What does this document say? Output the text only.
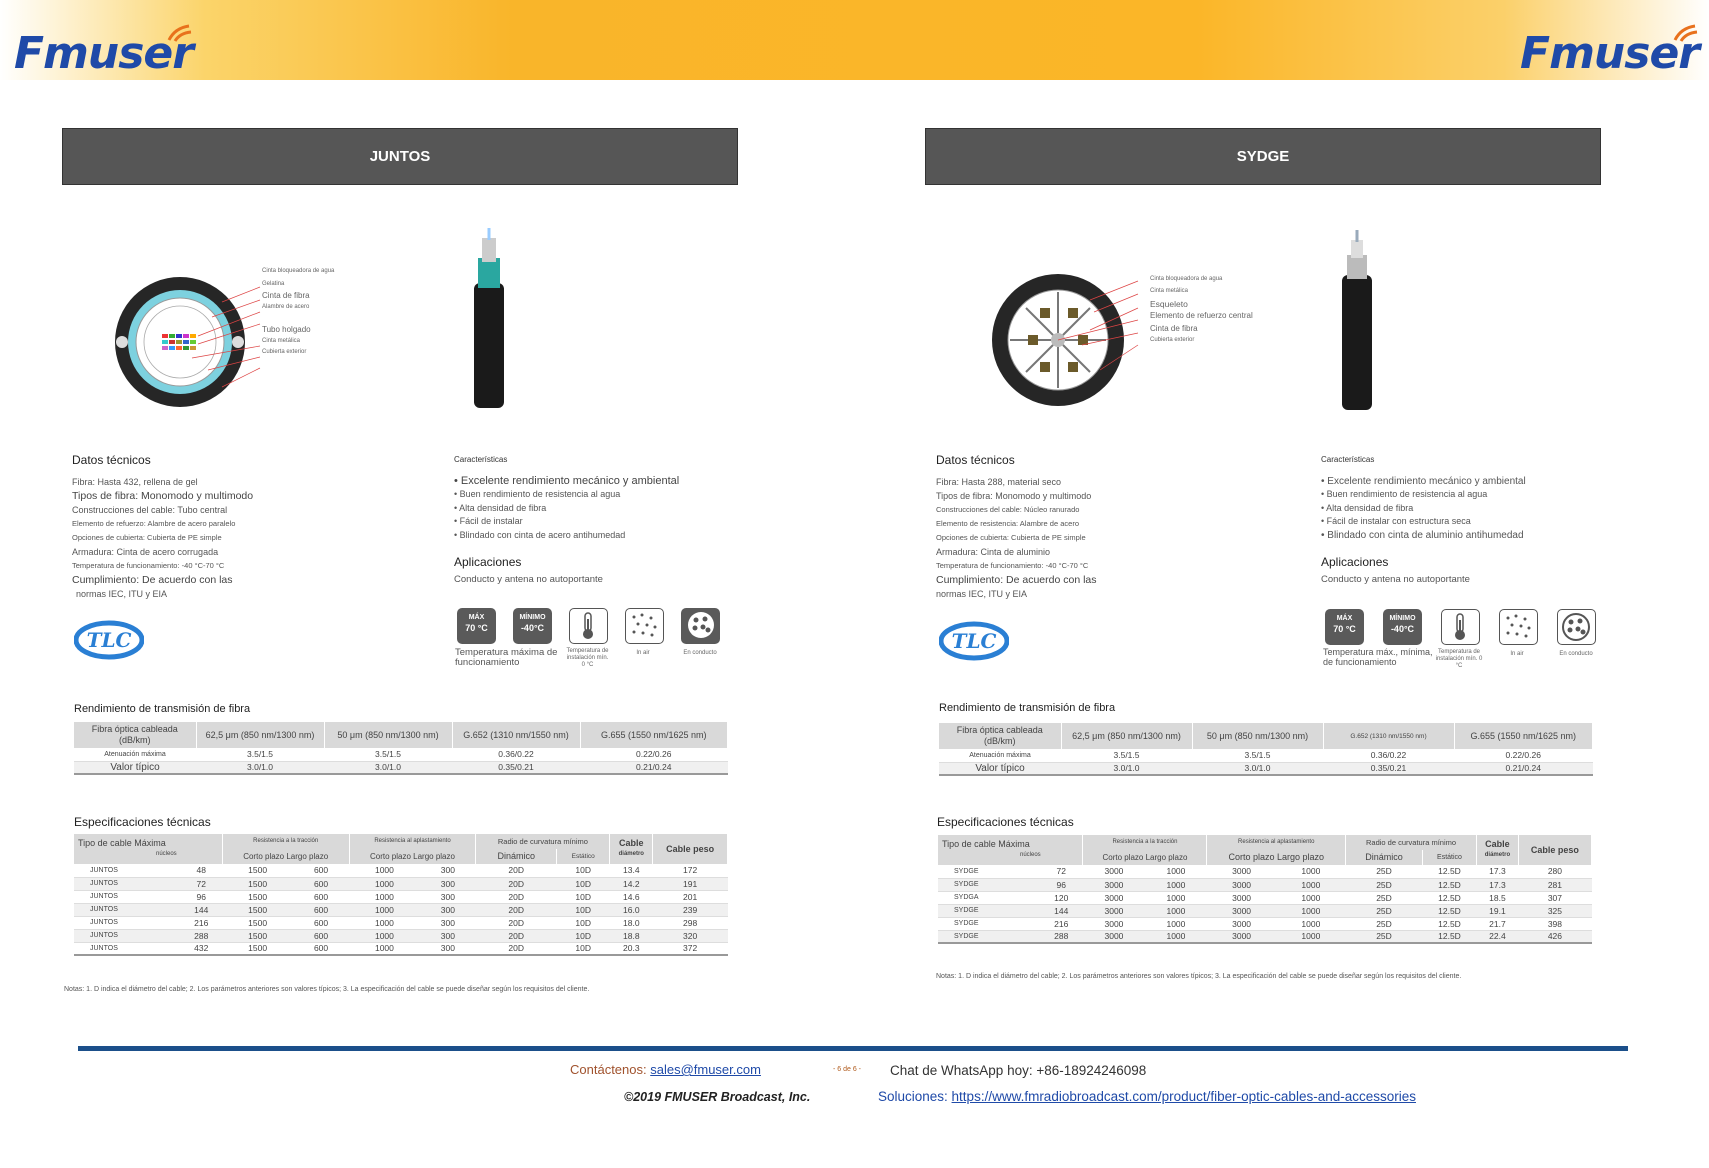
Fmuser	Fmuser
JUNTOS
Cinta bloqueadora de agua
Gelatina
Cinta de fibra
Alambre de acero
Tubo holgado
Cinta metálica
Cubierta exterior
Datos técnicos
Fibra: Hasta 432, rellena de gel
Tipos de fibra: Monomodo y multimodo
Construcciones del cable: Tubo central
Elemento de refuerzo: Alambre de acero paralelo
Opciones de cubierta: Cubierta de PE simple
Armadura: Cinta de acero corrugada
Temperatura de funcionamiento: -40 °C-70 °C
Cumplimiento: De acuerdo con las
normas IEC, ITU y EIA
Características
• Excelente rendimiento mecánico y ambiental
• Buen rendimiento de resistencia al agua
• Alta densidad de fibra
• Fácil de instalar
• Blindado con cinta de acero antihumedad
Aplicaciones
Conducto y antena no autoportante
MÁX
70 °C
MÍNIMO
-40°C
Temperatura máxima de funcionamiento
Temperatura de instalación mín. 0 °C
In air	En conducto
TLC
Rendimiento de transmisión de fibra
Fibra óptica cableada (dB/km)	62,5 μm (850 nm/1300 nm)	50 μm (850 nm/1300 nm)	G.652 (1310 nm/1550 nm)	G.655 (1550 nm/1625 nm)
Atenuación máxima	3.5/1.5	3.5/1.5	0.36/0.22	0.22/0.26
Valor típico	3.0/1.0	3.0/1.0	0.35/0.21	0.21/0.24
Especificaciones técnicas
Tipo de cable Máxima
núcleos		Resistencia a la tracción		Resistencia al aplastamiento		Radio de curvatura mínimo		Cable
diámetro	Cable peso
		Corto plazo Largo plazo		Corto plazo Largo plazo		Dinámico	Estático		
JUNTOS	48	1500	600	1000	300	20D	10D	13.4	172
JUNTOS	72	1500	600	1000	300	20D	10D	14.2	191
JUNTOS	96	1500	600	1000	300	20D	10D	14.6	201
JUNTOS	144	1500	600	1000	300	20D	10D	16.0	239
JUNTOS	216	1500	600	1000	300	20D	10D	18.0	298
JUNTOS	288	1500	600	1000	300	20D	10D	18.8	320
JUNTOS	432	1500	600	1000	300	20D	10D	20.3	372
Notas: 1. D indica el diámetro del cable; 2. Los parámetros anteriores son valores típicos; 3. La especificación del cable se puede diseñar según los requisitos del cliente.
SYDGE
Cinta bloqueadora de agua
Cinta metálica
Esqueleto
Elemento de refuerzo central
Cinta de fibra
Cubierta exterior
Datos técnicos
Fibra: Hasta 288, material seco
Tipos de fibra: Monomodo y multimodo
Construcciones del cable: Núcleo ranurado
Elemento de resistencia: Alambre de acero
Opciones de cubierta: Cubierta de PE simple
Armadura: Cinta de aluminio
Temperatura de funcionamiento: -40 °C-70 °C
Cumplimiento: De acuerdo con las
normas IEC, ITU y EIA
Características
• Excelente rendimiento mecánico y ambiental
• Buen rendimiento de resistencia al agua
• Alta densidad de fibra
• Fácil de instalar con estructura seca
• Blindado con cinta de aluminio antihumedad
Aplicaciones
Conducto y antena no autoportante
MÁX
70 °C
MÍNIMO
-40°C
Temperatura máx., mínima, de funcionamiento
Temperatura de instalación mín. 0 °C
In air	En conducto
TLC
Rendimiento de transmisión de fibra
Fibra óptica cableada (dB/km)	62,5 μm (850 nm/1300 nm)	50 μm (850 nm/1300 nm)	G.652 (1310 nm/1550 nm)	G.655 (1550 nm/1625 nm)
Atenuación máxima	3.5/1.5	3.5/1.5	0.36/0.22	0.22/0.26
Valor típico	3.0/1.0	3.0/1.0	0.35/0.21	0.21/0.24
Especificaciones técnicas
Tipo de cable Máxima
núcleos		Resistencia a la tracción		Resistencia al aplastamiento		Radio de curvatura mínimo		Cable
diámetro	Cable peso
		Corto plazo Largo plazo		Corto plazo Largo plazo		Dinámico	Estático		
SYDGE	72	3000	1000	3000	1000	25D	12.5D	17.3	280
SYDGE	96	3000	1000	3000	1000	25D	12.5D	17.3	281
SYDGA	120	3000	1000	3000	1000	25D	12.5D	18.5	307
SYDGE	144	3000	1000	3000	1000	25D	12.5D	19.1	325
SYDGE	216	3000	1000	3000	1000	25D	12.5D	21.7	398
SYDGE	288	3000	1000	3000	1000	25D	12.5D	22.4	426
Notas: 1. D indica el diámetro del cable; 2. Los parámetros anteriores son valores típicos; 3. La especificación del cable se puede diseñar según los requisitos del cliente.
Contáctenos: sales@fmuser.com	- 6 de 6 - Chat de WhatsApp hoy: +86-18924246098
©2019 FMUSER Broadcast, Inc.	Soluciones: https://www.fmradiobroadcast.com/product/fiber-optic-cables-and-accessories
